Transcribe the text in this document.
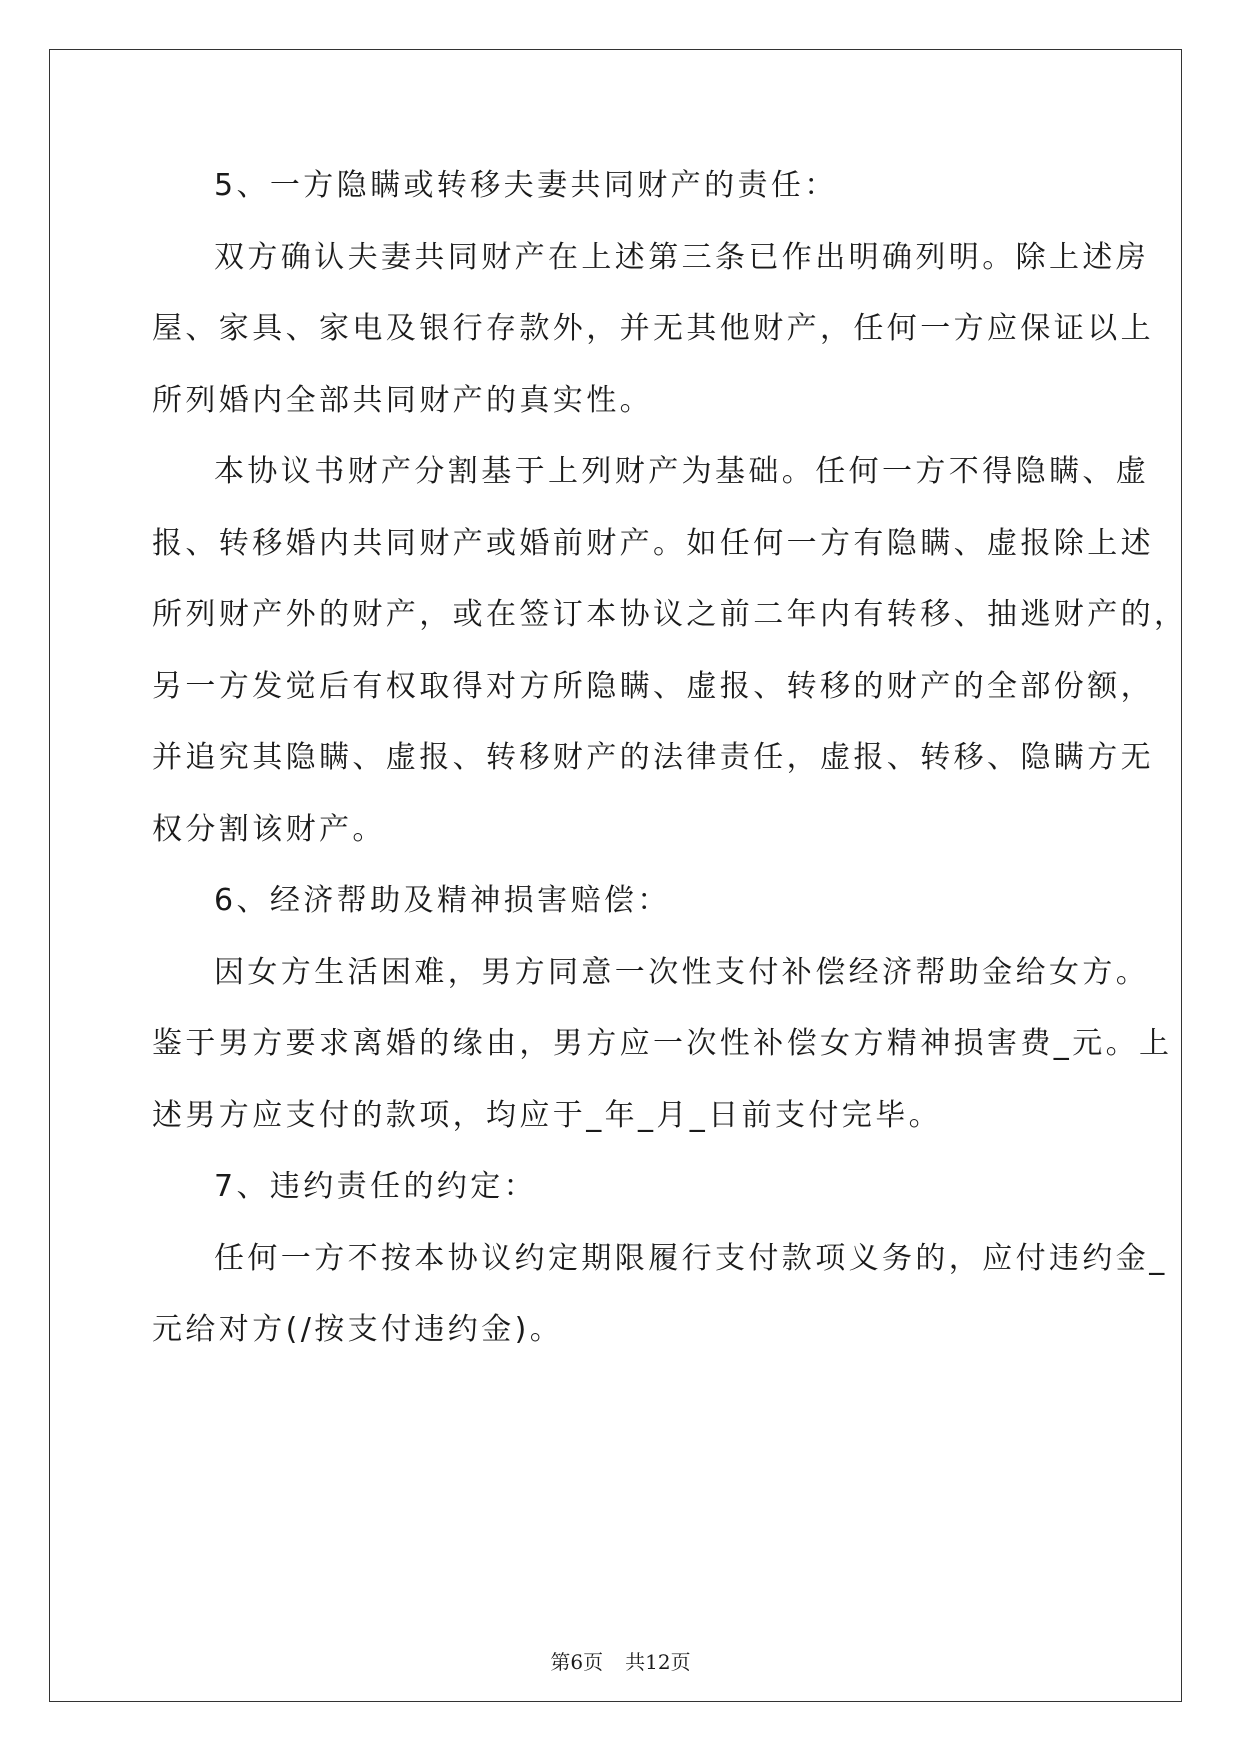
5、一方隐瞒或转移夫妻共同财产的责任：
双方确认夫妻共同财产在上述第三条已作出明确列明。除上述房
屋、家具、家电及银行存款外，并无其他财产，任何一方应保证以上
所列婚内全部共同财产的真实性。
本协议书财产分割基于上列财产为基础。任何一方不得隐瞒、虚
报、转移婚内共同财产或婚前财产。如任何一方有隐瞒、虚报除上述
所列财产外的财产，或在签订本协议之前二年内有转移、抽逃财产的，
另一方发觉后有权取得对方所隐瞒、虚报、转移的财产的全部份额，
并追究其隐瞒、虚报、转移财产的法律责任，虚报、转移、隐瞒方无
权分割该财产。
6、经济帮助及精神损害赔偿：
因女方生活困难，男方同意一次性支付补偿经济帮助金给女方。
鉴于男方要求离婚的缘由，男方应一次性补偿女方精神损害费_元。上
述男方应支付的款项，均应于_年_月_日前支付完毕。
7、违约责任的约定：
任何一方不按本协议约定期限履行支付款项义务的，应付违约金_
元给对方(/按支付违约金)。
第6页 共12页
